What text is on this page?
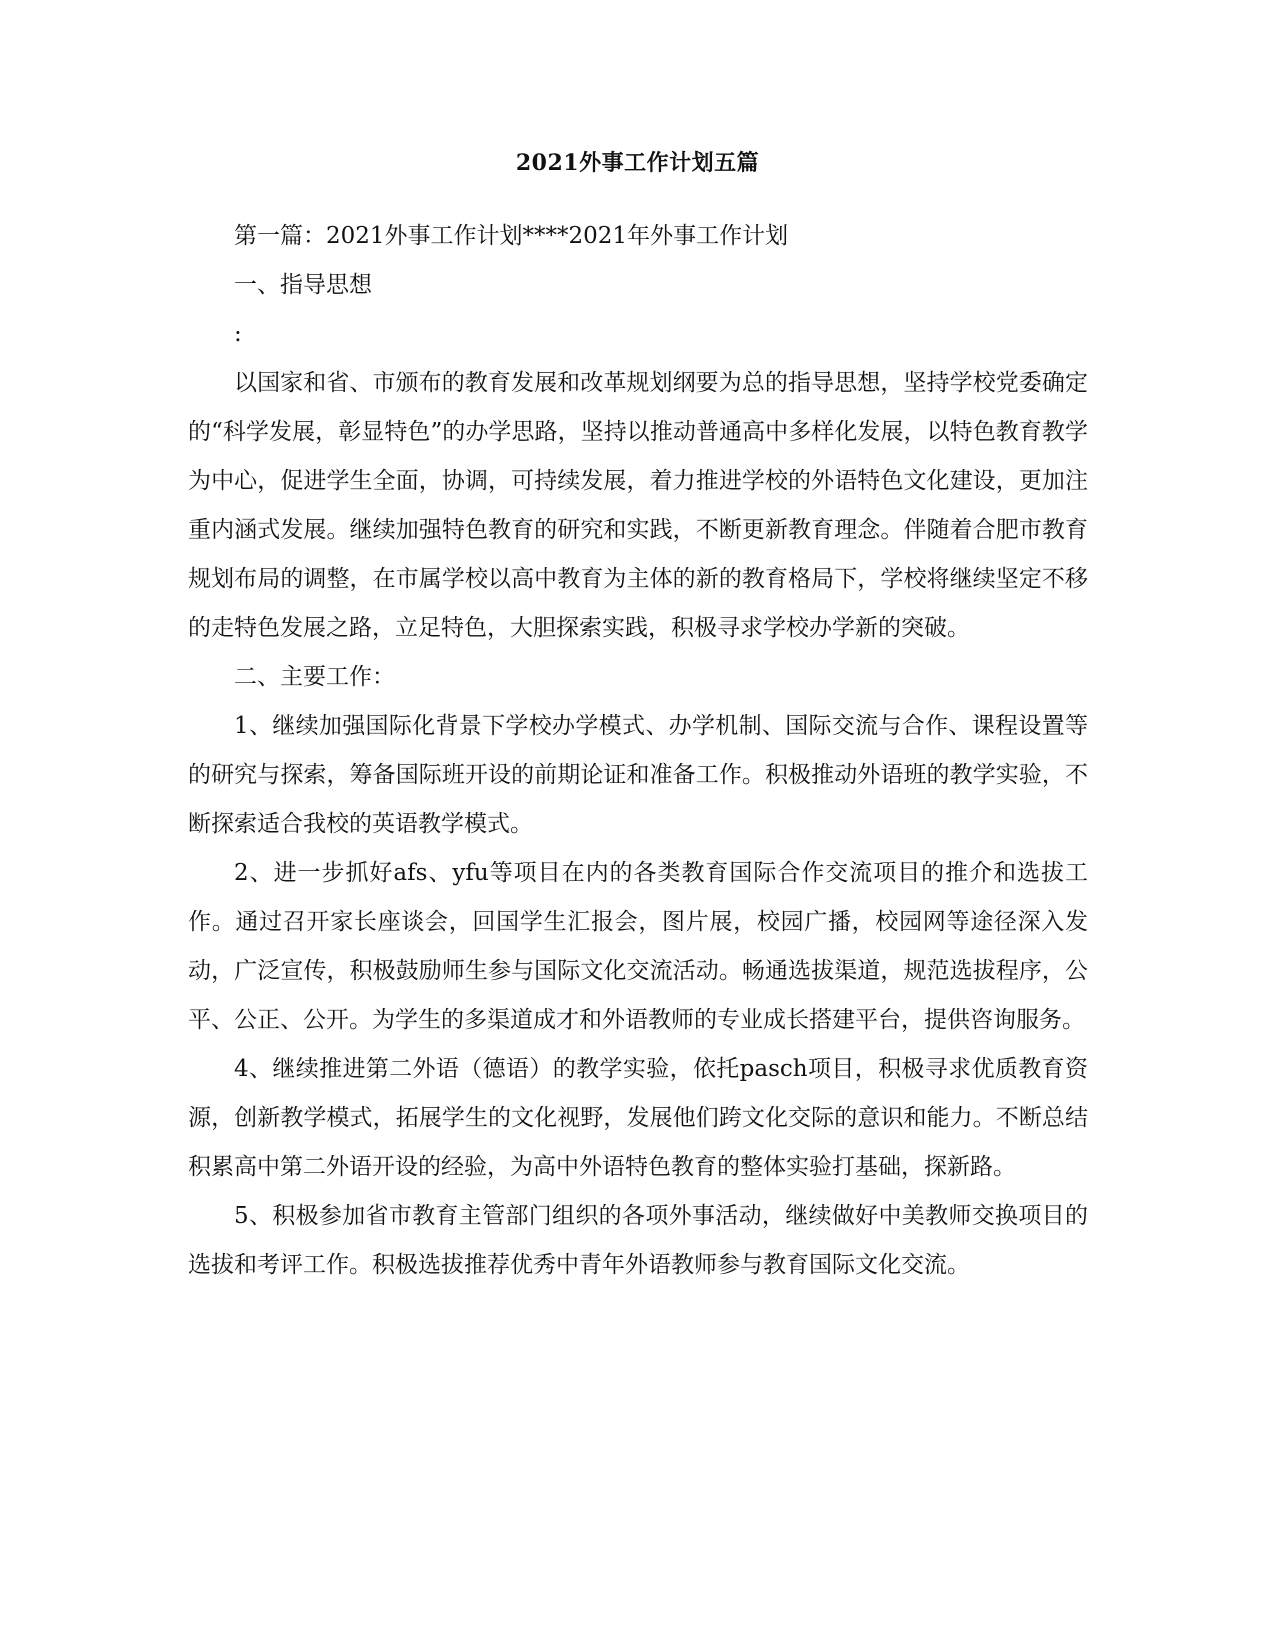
2021外事工作计划五篇

第一篇：2021外事工作计划****2021年外事工作计划

一、指导思想

:

以国家和省、市颁布的教育发展和改革规划纲要为总的指导思想，坚持学校党委确定的“科学发展，彰显特色”的办学思路，坚持以推动普通高中多样化发展，以特色教育教学为中心，促进学生全面，协调，可持续发展，着力推进学校的外语特色文化建设，更加注重内涵式发展。继续加强特色教育的研究和实践，不断更新教育理念。伴随着合肥市教育规划布局的调整，在市属学校以高中教育为主体的新的教育格局下，学校将继续坚定不移的走特色发展之路，立足特色，大胆探索实践，积极寻求学校办学新的突破。

二、主要工作：

1、继续加强国际化背景下学校办学模式、办学机制、国际交流与合作、课程设置等的研究与探索，筹备国际班开设的前期论证和准备工作。积极推动外语班的教学实验，不断探索适合我校的英语教学模式。

2、进一步抓好afs、yfu等项目在内的各类教育国际合作交流项目的推介和选拔工作。通过召开家长座谈会，回国学生汇报会，图片展，校园广播，校园网等途径深入发动，广泛宣传，积极鼓励师生参与国际文化交流活动。畅通选拔渠道，规范选拔程序，公平、公正、公开。为学生的多渠道成才和外语教师的专业成长搭建平台，提供咨询服务。

4、继续推进第二外语（德语）的教学实验，依托pasch项目，积极寻求优质教育资源，创新教学模式，拓展学生的文化视野，发展他们跨文化交际的意识和能力。不断总结积累高中第二外语开设的经验，为高中外语特色教育的整体实验打基础，探新路。

5、积极参加省市教育主管部门组织的各项外事活动，继续做好中美教师交换项目的选拔和考评工作。积极选拔推荐优秀中青年外语教师参与教育国际文化交流。
